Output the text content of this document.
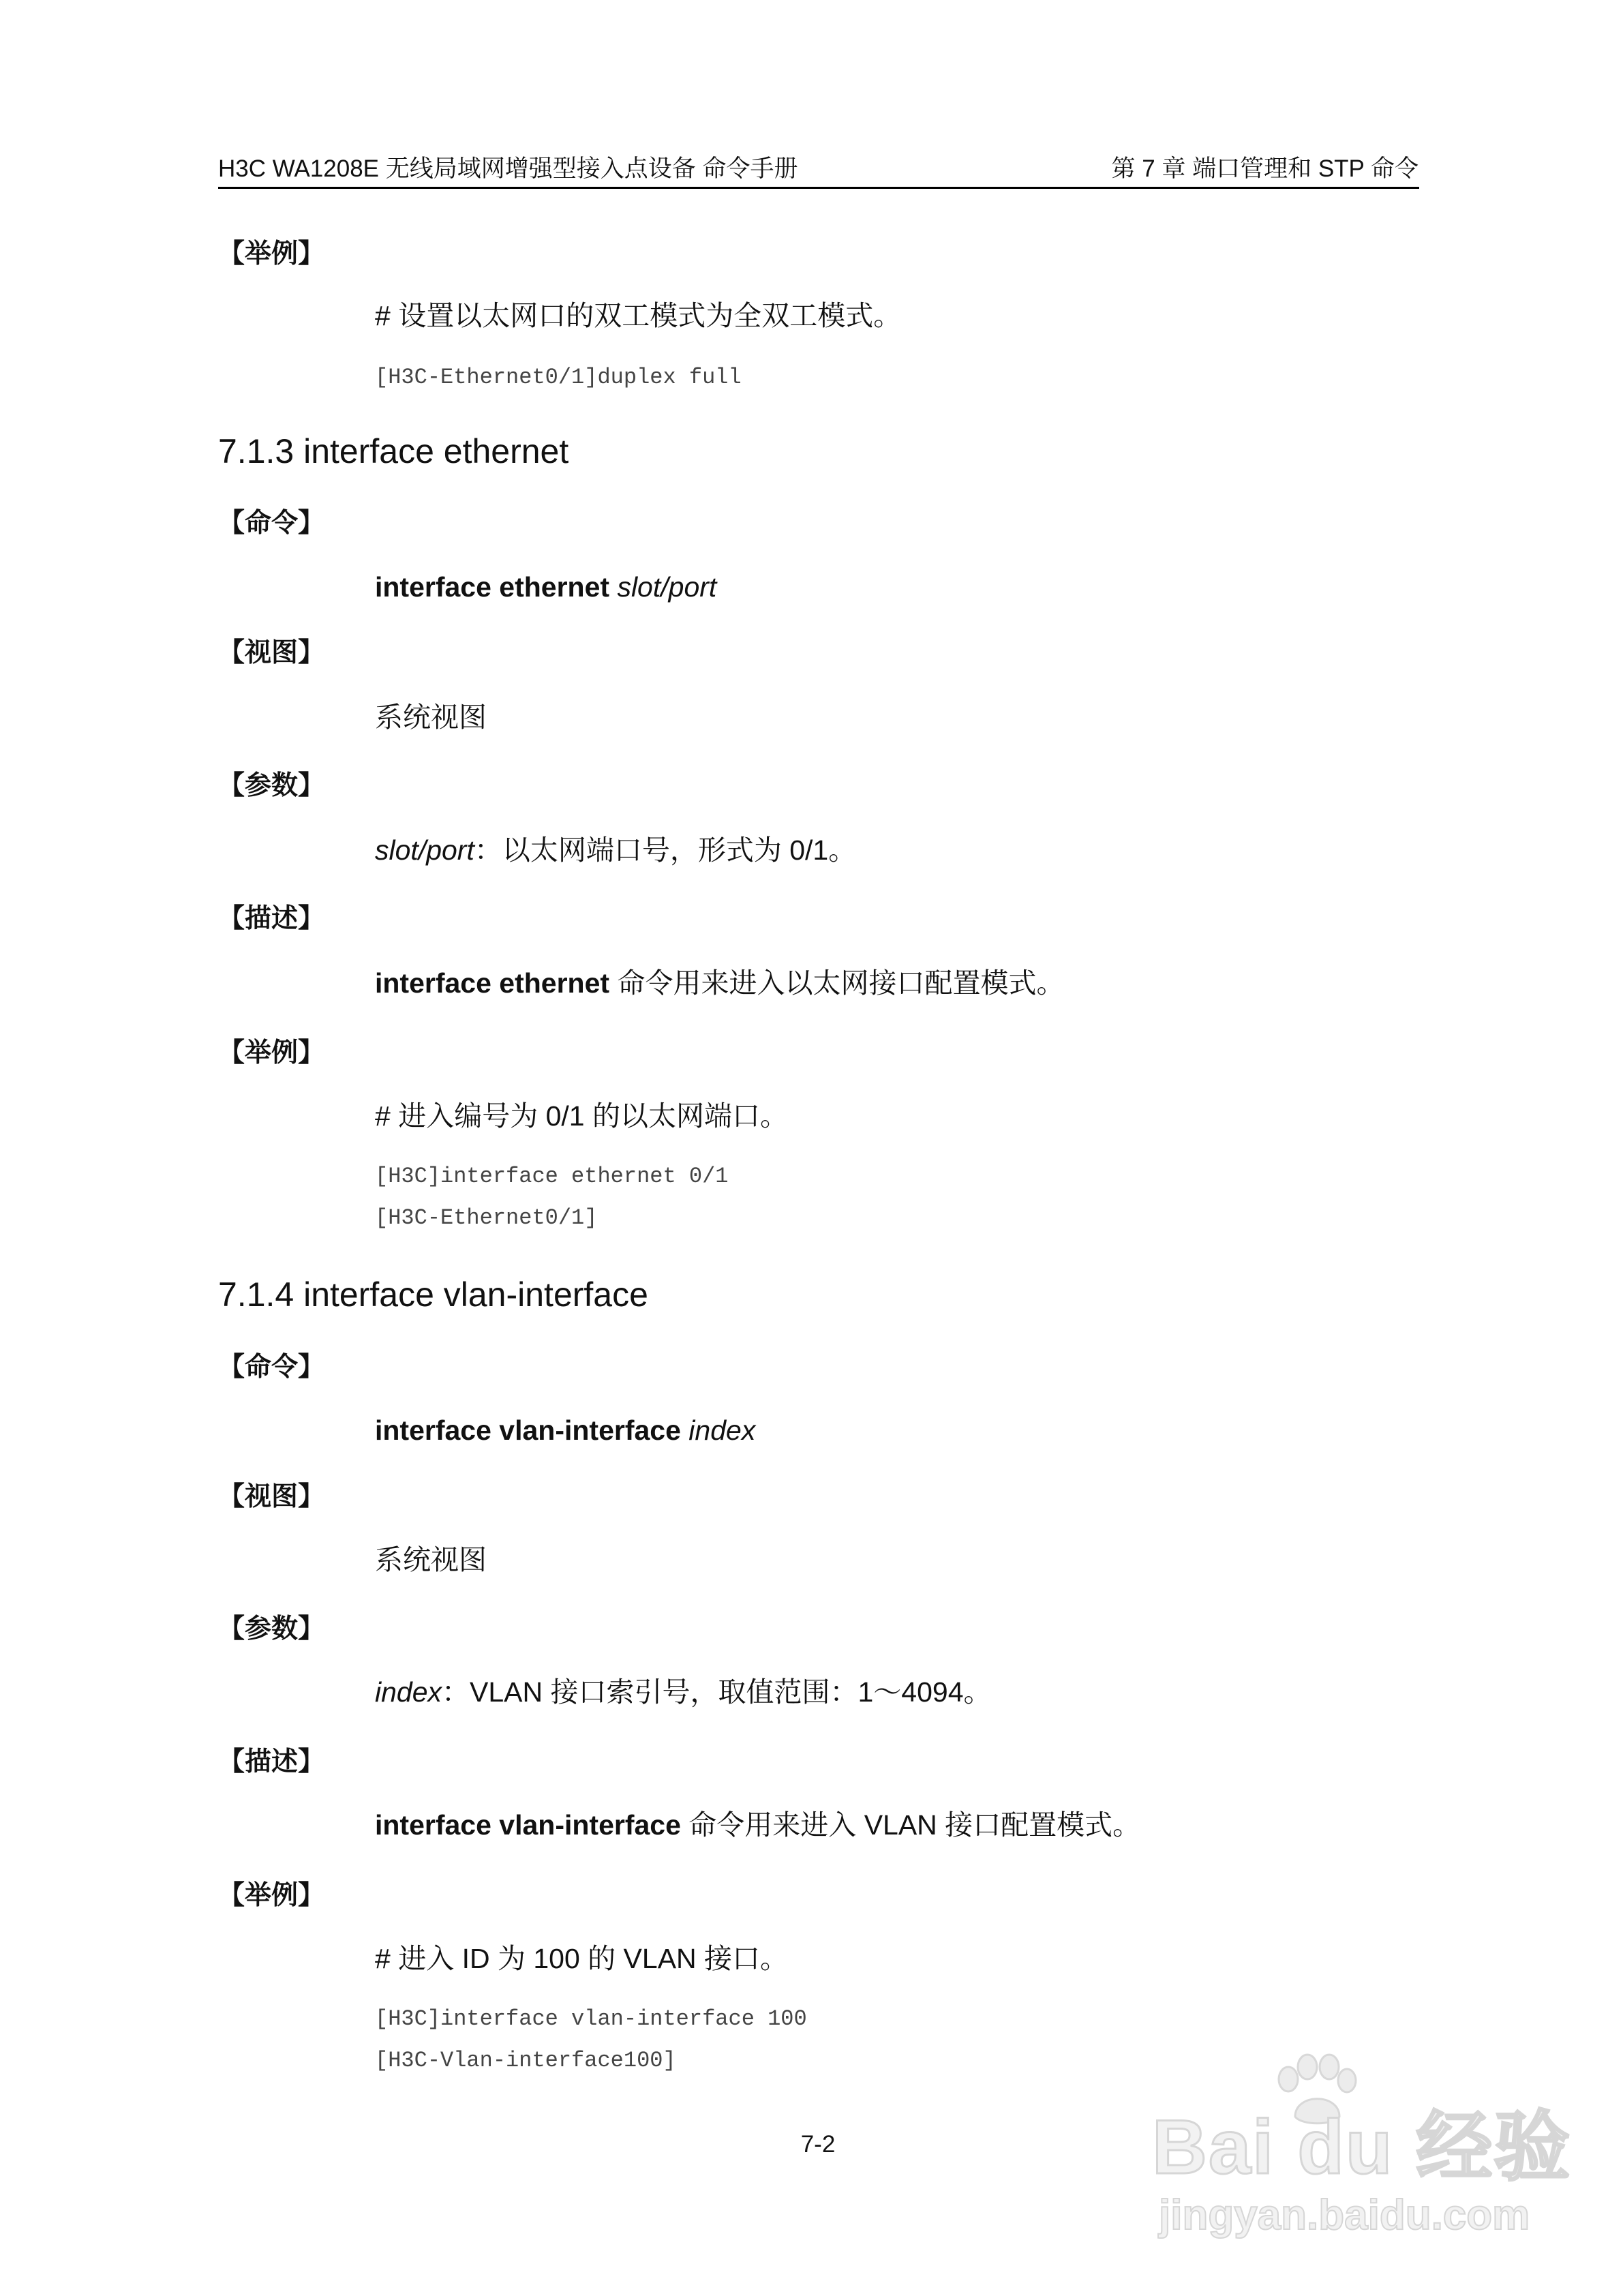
H3C WA1208E 无线局域网增强型接入点设备 命令手册	第 7 章 端口管理和 STP 命令
【举例】
# 设置以太网口的双工模式为全双工模式。
[H3C-Ethernet0/1]duplex full
7.1.3 interface ethernet
【命令】
interface ethernet slot/port
【视图】
系统视图
【参数】
slot/port：以太网端口号，形式为 0/1。
【描述】
interface ethernet 命令用来进入以太网接口配置模式。
【举例】
# 进入编号为 0/1 的以太网端口。
[H3C]interface ethernet 0/1
[H3C-Ethernet0/1]
7.1.4 interface vlan-interface
【命令】
interface vlan-interface index
【视图】
系统视图
【参数】
index：VLAN 接口索引号，取值范围：1～4094。
【描述】
interface vlan-interface 命令用来进入 VLAN 接口配置模式。
【举例】
# 进入 ID 为 100 的 VLAN 接口。
[H3C]interface vlan-interface 100
[H3C-Vlan-interface100]
7-2	Bai du 经验
jingyan.baidu.com
